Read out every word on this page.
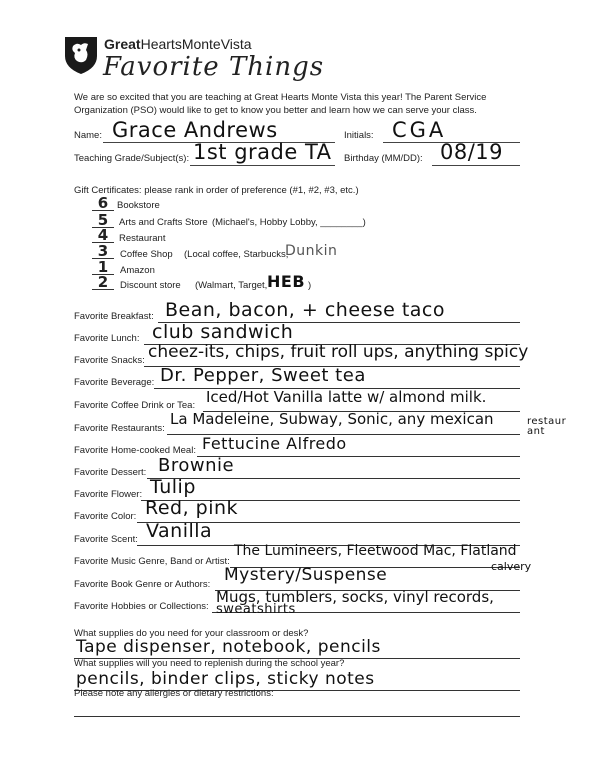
GreatHeartsMonteVista
Favorite Things
We are so excited that you are teaching at Great Hearts Monte Vista this year! The Parent Service
Organization (PSO) would like to get to know you better and learn how we can serve your class.
Name: Grace Andrews	Initials: CGA
Teaching Grade/Subject(s): 1st grade TA Birthday (MM/DD): 08/19
Gift Certificates: please rank in order of preference (#1, #2, #3, etc.)
6 Bookstore
5	Arts and Crafts Store (Michael's, Hobby Lobby, ________)
4	Restaurant
3	Coffee Shop (Local coffee, Starbucks,
Dunkin
1	Amazon
2	Discount store (Walmart, Target, HEB )
Favorite Breakfast: Bean, bacon, + cheese taco
Favorite Lunch: club sandwich
Favorite Snacks: cheez-its, chips, fruit roll ups, anything spicy
Favorite Beverage: Dr. Pepper, Sweet tea
Favorite Coffee Drink or Tea: Iced/Hot Vanilla latte w/ almond milk.
Favorite Restaurants:
La Madeleine, Subway, Sonic, any mexican	restaurant
Favorite Home-cooked Meal: Fettucine Alfredo
Favorite Dessert: Brownie
Favorite Flower: Tulip
Favorite Color: Red, pink
Favorite Scent: Vanilla
Favorite Music Genre, Band or Artist:
The Lumineers, Fleetwood Mac, Flatland
calvery
Favorite Book Genre or Authors: Mystery/Suspense
Favorite Hobbies or Collections:
Mugs, tumblers, socks, vinyl records,
sweatshirts
What supplies do you need for your classroom or desk?
Tape dispenser, notebook, pencils
What supplies will you need to replenish during the school year?
pencils, binder clips, sticky notes
Please note any allergies or dietary restrictions:
